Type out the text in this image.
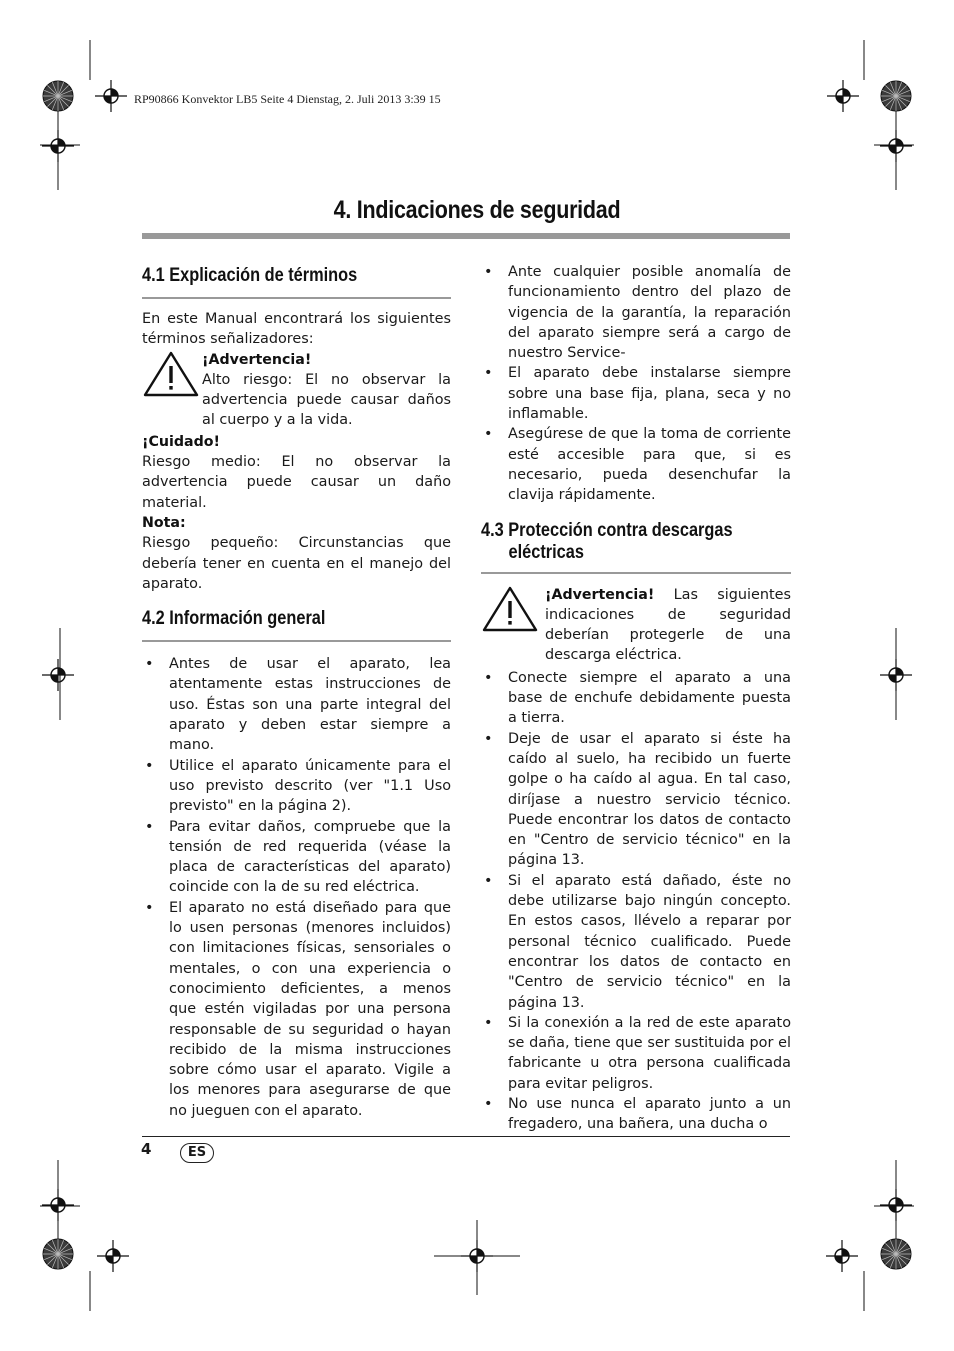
RP90866 Konvektor LB5 Seite 4 Dienstag, 2. Juli 2013 3:39 15
4. Indicaciones de seguridad
4.1 Explicación de términos

En este Manual encontrará los siguientes términos señalizadores:

¡Advertencia!

Alto riesgo: El no observar la advertencia puede causar daños al cuerpo y a la vida.

¡Cuidado!

Riesgo medio: El no observar la advertencia puede causar un daño material.

Nota:

Riesgo pequeño: Circunstancias que debería tener en cuenta en el manejo del aparato.

4.2 Información general
• Antes de usar el aparato, lea atentamente estas instrucciones de uso. Éstas son una parte integral del aparato y deben estar siempre a mano.
• Utilice el aparato únicamente para el uso previsto descrito (ver "1.1 Uso previsto" en la página 2).
• Para evitar daños, compruebe que la tensión de red requerida (véase la placa de características del aparato) coincide con la de su red eléctrica.
• El aparato no está diseñado para que lo usen personas (menores incluidos) con limitaciones físicas, sensoriales o mentales, o con una experiencia o conocimiento deficientes, a menos que estén vigiladas por una persona responsable de su seguridad o hayan recibido de la misma instrucciones sobre cómo usar el aparato. Vigile a los menores para asegurarse de que no jueguen con el aparato.
• Ante cualquier posible anomalía de funcionamiento dentro del plazo de vigencia de la garantía, la reparación del aparato siempre será a cargo de nuestro Service-
• El aparato debe instalarse siempre sobre una base fija, plana, seca y no inflamable.
• Asegúrese de que la toma de corriente esté accesible para que, si es necesario, pueda desenchufar la clavija rápidamente.
4.3 Protección contra descargas
eléctricas

¡Advertencia! Las siguientes indicaciones de seguridad deberían protegerle de una descarga eléctrica.

• Conecte siempre el aparato a una base de enchufe debidamente puesta a tierra.
• Deje de usar el aparato si éste ha caído al suelo, ha recibido un fuerte golpe o ha caído al agua. En tal caso, diríjase a nuestro servicio técnico. Puede encontrar los datos de contacto en "Centro de servicio técnico" en la página 13.
• Si el aparato está dañado, éste no debe utilizarse bajo ningún concepto. En estos casos, llévelo a reparar por personal técnico cualificado. Puede encontrar los datos de contacto en "Centro de servicio técnico" en la página 13.
• Si la conexión a la red de este aparato se daña, tiene que ser sustituida por el fabricante u otra persona cualificada para evitar peligros.
• No use nunca el aparato junto a un fregadero, una bañera, una ducha o
4	ES
